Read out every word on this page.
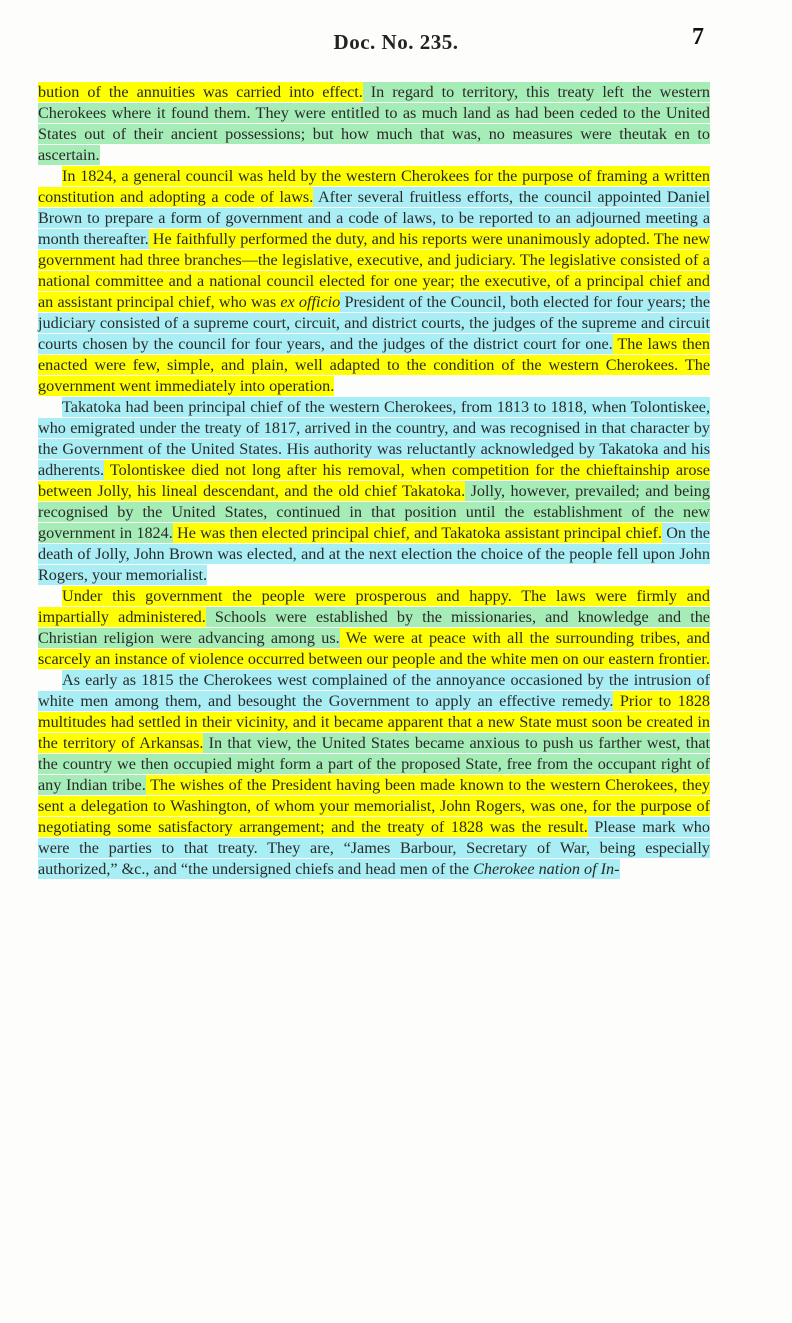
Doc. No. 235.	7

bution of the annuities was carried into effect. In regard to territory, this treaty left the western Cherokees where it found them. They were entitled to as much land as had been ceded to the United States out of their ancient possessions; but how much that was, no measures were theutak en to ascertain.

In 1824, a general council was held by the western Cherokees for the purpose of framing a written constitution and adopting a code of laws. After several fruitless efforts, the council appointed Daniel Brown to prepare a form of government and a code of laws, to be reported to an adjourned meeting a month thereafter. He faithfully performed the duty, and his reports were unanimously adopted. The new government had three branches—the legislative, executive, and judiciary. The legislative consisted of a national committee and a national council elected for one year; the executive, of a principal chief and an assistant principal chief, who was ex officio President of the Council, both elected for four years; the judiciary consisted of a supreme court, circuit, and district courts, the judges of the supreme and circuit courts chosen by the council for four years, and the judges of the district court for one. The laws then enacted were few, simple, and plain, well adapted to the condition of the western Cherokees. The government went immediately into operation.

Takatoka had been principal chief of the western Cherokees, from 1813 to 1818, when Tolontiskee, who emigrated under the treaty of 1817, arrived in the country, and was recognised in that character by the Government of the United States. His authority was reluctantly acknowledged by Takatoka and his adherents. Tolontiskee died not long after his removal, when competition for the chieftainship arose between Jolly, his lineal descendant, and the old chief Takatoka. Jolly, however, prevailed; and being recognised by the United States, continued in that position until the establishment of the new government in 1824. He was then elected principal chief, and Takatoka assistant principal chief. On the death of Jolly, John Brown was elected, and at the next election the choice of the people fell upon John Rogers, your memorialist.

Under this government the people were prosperous and happy. The laws were firmly and impartially administered. Schools were established by the missionaries, and knowledge and the Christian religion were advancing among us. We were at peace with all the surrounding tribes, and scarcely an instance of violence occurred between our people and the white men on our eastern frontier.

As early as 1815 the Cherokees west complained of the annoyance occasioned by the intrusion of white men among them, and besought the Government to apply an effective remedy. Prior to 1828 multitudes had settled in their vicinity, and it became apparent that a new State must soon be created in the territory of Arkansas. In that view, the United States became anxious to push us farther west, that the country we then occupied might form a part of the proposed State, free from the occupant right of any Indian tribe. The wishes of the President having been made known to the western Cherokees, they sent a delegation to Washington, of whom your memorialist, John Rogers, was one, for the purpose of negotiating some satisfactory arrangement; and the treaty of 1828 was the result. Please mark who were the parties to that treaty. They are, “James Barbour, Secretary of War, being especially authorized,” &c., and “the undersigned chiefs and head men of the Cherokee nation of In-
